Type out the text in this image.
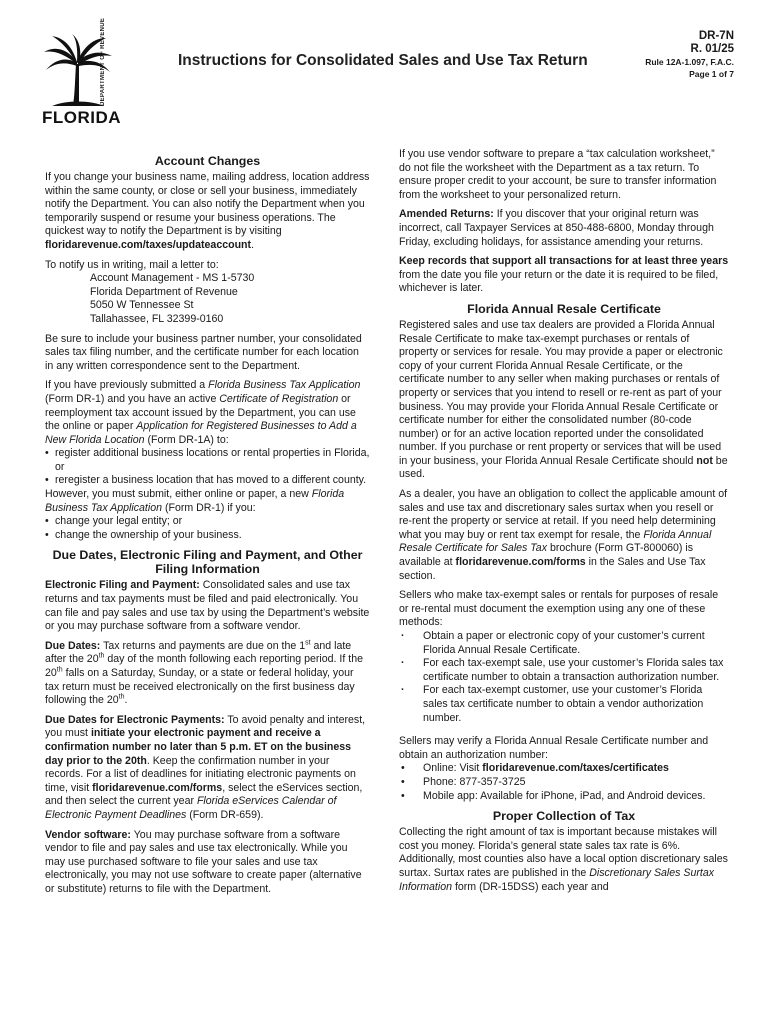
DEPARTMENT OF REVENUE
FLORIDA
Instructions for Consolidated Sales and Use Tax Return
DR-7N
R. 01/25
Rule 12A-1.097, F.A.C.
Page 1 of 7
Account Changes

If you change your business name, mailing address, location address within the same county, or close or sell your business, immediately notify the Department. You can also notify the Department when you temporarily suspend or resume your business operations. The quickest way to notify the Department is by visiting floridarevenue.com/taxes/updateaccount.

To notify us in writing, mail a letter to:

Account Management - MS 1-5730
Florida Department of Revenue
5050 W Tennessee St
Tallahassee, FL 32399-0160

Be sure to include your business partner number, your consolidated sales tax filing number, and the certificate number for each location in any written correspondence sent to the Department.

If you have previously submitted a Florida Business Tax Application (Form DR-1) and you have an active Certificate of Registration or reemployment tax account issued by the Department, you can use the online or paper Application for Registered Businesses to Add a New Florida Location (Form DR-1A) to:

• register additional business locations or rental properties in Florida, or
• reregister a business location that has moved to a different county.

However, you must submit, either online or paper, a new Florida Business Tax Application (Form DR-1) if you:

• change your legal entity; or
• change the ownership of your business.
Due Dates, Electronic Filing and Payment, and Other Filing Information

Electronic Filing and Payment: Consolidated sales and use tax returns and tax payments must be filed and paid electronically. You can file and pay sales and use tax by using the Department’s website or you may purchase software from a software vendor.

Due Dates: Tax returns and payments are due on the 1st and late after the 20th day of the month following each reporting period. If the 20th falls on a Saturday, Sunday, or a state or federal holiday, your tax return must be received electronically on the first business day following the 20th.

Due Dates for Electronic Payments: To avoid penalty and interest, you must initiate your electronic payment and receive a confirmation number no later than 5 p.m. ET on the business day prior to the 20th. Keep the confirmation number in your records. For a list of deadlines for initiating electronic payments on time, visit floridarevenue.com/forms, select the eServices section, and then select the current year Florida eServices Calendar of Electronic Payment Deadlines (Form DR-659).

Vendor software: You may purchase software from a software vendor to file and pay sales and use tax electronically. While you may use purchased software to file your sales and use tax electronically, you may not use software to create paper (alternative or substitute) returns to file with the Department.

If you use vendor software to prepare a “tax calculation worksheet,” do not file the worksheet with the Department as a tax return. To ensure proper credit to your account, be sure to transfer information from the worksheet to your personalized return.

Amended Returns: If you discover that your original return was incorrect, call Taxpayer Services at 850-488-6800, Monday through Friday, excluding holidays, for assistance amending your returns.

Keep records that support all transactions for at least three years from the date you file your return or the date it is required to be filed, whichever is later.

Florida Annual Resale Certificate

Registered sales and use tax dealers are provided a Florida Annual Resale Certificate to make tax-exempt purchases or rentals of property or services for resale. You may provide a paper or electronic copy of your current Florida Annual Resale Certificate, or the certificate number to any seller when making purchases or rentals of property or services that you intend to resell or re-rent as part of your business. You may provide your Florida Annual Resale Certificate or certificate number for either the consolidated number (80-code number) or for an active location reported under the consolidated number. If you purchase or rent property or services that will be used in your business, your Florida Annual Resale Certificate should not be used.

As a dealer, you have an obligation to collect the applicable amount of sales and use tax and discretionary sales surtax when you resell or re-rent the property or service at retail. If you need help determining what you may buy or rent tax exempt for resale, the Florida Annual Resale Certificate for Sales Tax brochure (Form GT-800060) is available at floridarevenue.com/forms in the Sales and Use Tax section.

Sellers who make tax-exempt sales or rentals for purposes of resale or re-rental must document the exemption using any one of these methods:

· Obtain a paper or electronic copy of your customer’s current Florida Annual Resale Certificate.
· For each tax-exempt sale, use your customer’s Florida sales tax certificate number to obtain a transaction authorization number.
· For each tax-exempt customer, use your customer’s Florida sales tax certificate number to obtain a vendor authorization number.

Sellers may verify a Florida Annual Resale Certificate number and obtain an authorization number:

• Online: Visit floridarevenue.com/taxes/certificates
• Phone: 877-357-3725
• Mobile app: Available for iPhone, iPad, and Android devices.
Proper Collection of Tax

Collecting the right amount of tax is important because mistakes will cost you money. Florida’s general state sales tax rate is 6%. Additionally, most counties also have a local option discretionary sales surtax. Surtax rates are published in the Discretionary Sales Surtax Information form (DR-15DSS) each year and
